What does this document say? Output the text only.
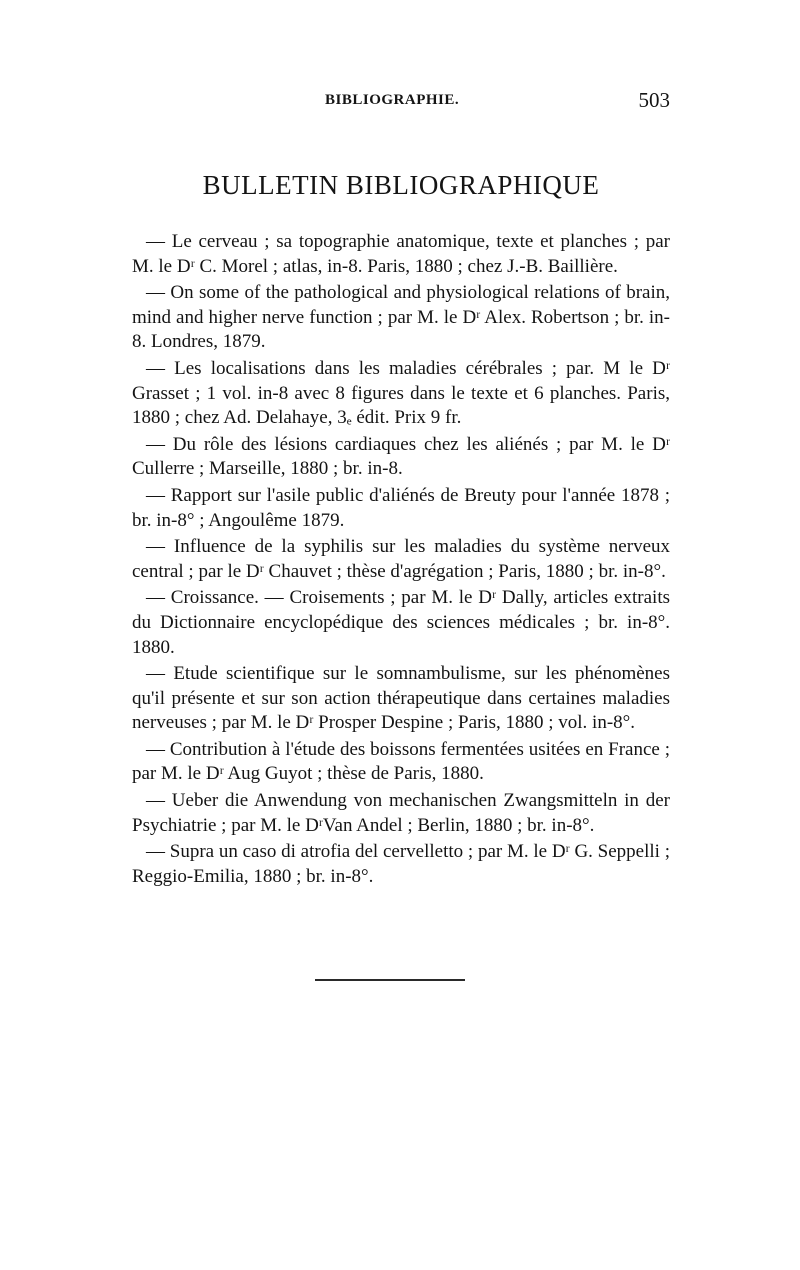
BIBLIOGRAPHIE.	503
BULLETIN BIBLIOGRAPHIQUE

— Le cerveau ; sa topographie anatomique, texte et planches ; par M. le Dʳ C. Morel ; atlas, in-8. Paris, 1880 ; chez J.-B. Baillière.

— On some of the pathological and physiological relations of brain, mind and higher nerve function ; par M. le Dʳ Alex. Robertson ; br. in-8. Londres, 1879.

— Les localisations dans les maladies cérébrales ; par. M le Dʳ Grasset ; 1 vol. in-8 avec 8 figures dans le texte et 6 planches. Paris, 1880 ; chez Ad. Delahaye, 3ₑ édit. Prix 9 fr.

— Du rôle des lésions cardiaques chez les aliénés ; par M. le Dʳ Cullerre ; Marseille, 1880 ; br. in-8.

— Rapport sur l'asile public d'aliénés de Breuty pour l'année 1878 ; br. in-8° ; Angoulême 1879.

— Influence de la syphilis sur les maladies du système nerveux central ; par le Dʳ Chauvet ; thèse d'agrégation ; Paris, 1880 ; br. in-8°.

— Croissance. — Croisements ; par M. le Dʳ Dally, articles extraits du Dictionnaire encyclopédique des sciences médicales ; br. in-8°. 1880.

— Etude scientifique sur le somnambulisme, sur les phénomènes qu'il présente et sur son action thérapeutique dans certaines maladies nerveuses ; par M. le Dʳ Prosper Despine ; Paris, 1880 ; vol. in-8°.

— Contribution à l'étude des boissons fermentées usitées en France ; par M. le Dʳ Aug Guyot ; thèse de Paris, 1880.

— Ueber die Anwendung von mechanischen Zwangsmitteln in der Psychiatrie ; par M. le DʳVan Andel ; Berlin, 1880 ; br. in-8°.

— Supra un caso di atrofia del cervelletto ; par M. le Dʳ G. Seppelli ; Reggio-Emilia, 1880 ; br. in-8°.
